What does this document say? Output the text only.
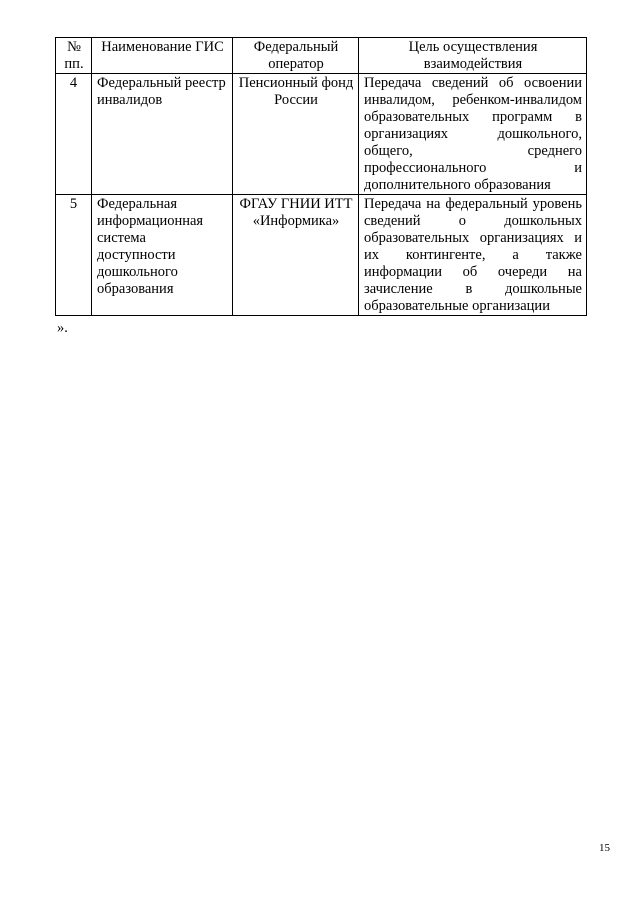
№ пп.	Наименование ГИС	Федеральный оператор	Цель осуществления взаимодействия
4	Федеральный реестр инвалидов	Пенсионный фонд России	Передача сведений об освоении инвалидом, ребенком-инвалидом образовательных программ в организациях дошкольного, общего, среднего профессионального и дополнительного образования
5	Федеральная информационная система доступности дошкольного образования	ФГАУ ГНИИ ИТТ «Информика»	Передача на федеральный уровень сведений о дошкольных образовательных организациях и их контингенте, а также информации об очереди на зачисление в дошкольные образовательные организации
».
15
